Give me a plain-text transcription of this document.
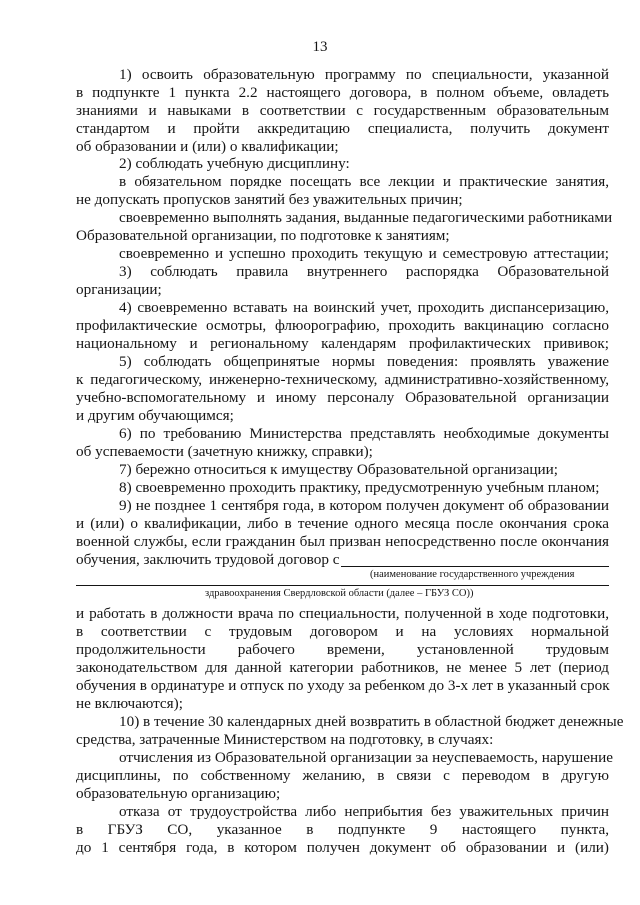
13
1) освоить образовательную программу по специальности, указанной
в подпункте 1 пункта 2.2 настоящего договора, в полном объеме, овладеть
знаниями и навыками в соответствии с государственным образовательным
стандартом и пройти аккредитацию специалиста, получить документ
об образовании и (или) о квалификации;
2) соблюдать учебную дисциплину:
в обязательном порядке посещать все лекции и практические занятия,
не допускать пропусков занятий без уважительных причин;
своевременно выполнять задания, выданные педагогическими работниками
Образовательной организации, по подготовке к занятиям;
своевременно и успешно проходить текущую и семестровую аттестации;
3) соблюдать правила внутреннего распорядка Образовательной
организации;
4) своевременно вставать на воинский учет, проходить диспансеризацию,
профилактические осмотры, флюорографию, проходить вакцинацию согласно
национальному и региональному календарям профилактических прививок;
5) соблюдать общепринятые нормы поведения: проявлять уважение
к педагогическому, инженерно-техническому, административно-хозяйственному,
учебно-вспомогательному и иному персоналу Образовательной организации
и другим обучающимся;
6) по требованию Министерства представлять необходимые документы
об успеваемости (зачетную книжку, справки);
7) бережно относиться к имуществу Образовательной организации;
8) своевременно проходить практику, предусмотренную учебным планом;
9) не позднее 1 сентября года, в котором получен документ об образовании
и (или) о квалификации, либо в течение одного месяца после окончания срока
военной службы, если гражданин был призван непосредственно после окончания
обучения, заключить трудовой договор с
(наименование государственного учреждения
здравоохранения Свердловской области (далее – ГБУЗ СО))
и работать в должности врача по специальности, полученной в ходе подготовки,
в соответствии с трудовым договором и на условиях нормальной
продолжительности рабочего времени, установленной трудовым
законодательством для данной категории работников, не менее 5 лет (период
обучения в ординатуре и отпуск по уходу за ребенком до 3-х лет в указанный срок
не включаются);
10) в течение 30 календарных дней возвратить в областной бюджет денежные
средства, затраченные Министерством на подготовку, в случаях:
отчисления из Образовательной организации за неуспеваемость, нарушение
дисциплины, по собственному желанию, в связи с переводом в другую
образовательную организацию;
отказа от трудоустройства либо неприбытия без уважительных причин
в ГБУЗ СО, указанное в подпункте 9 настоящего пункта,
до 1 сентября года, в котором получен документ об образовании и (или)
